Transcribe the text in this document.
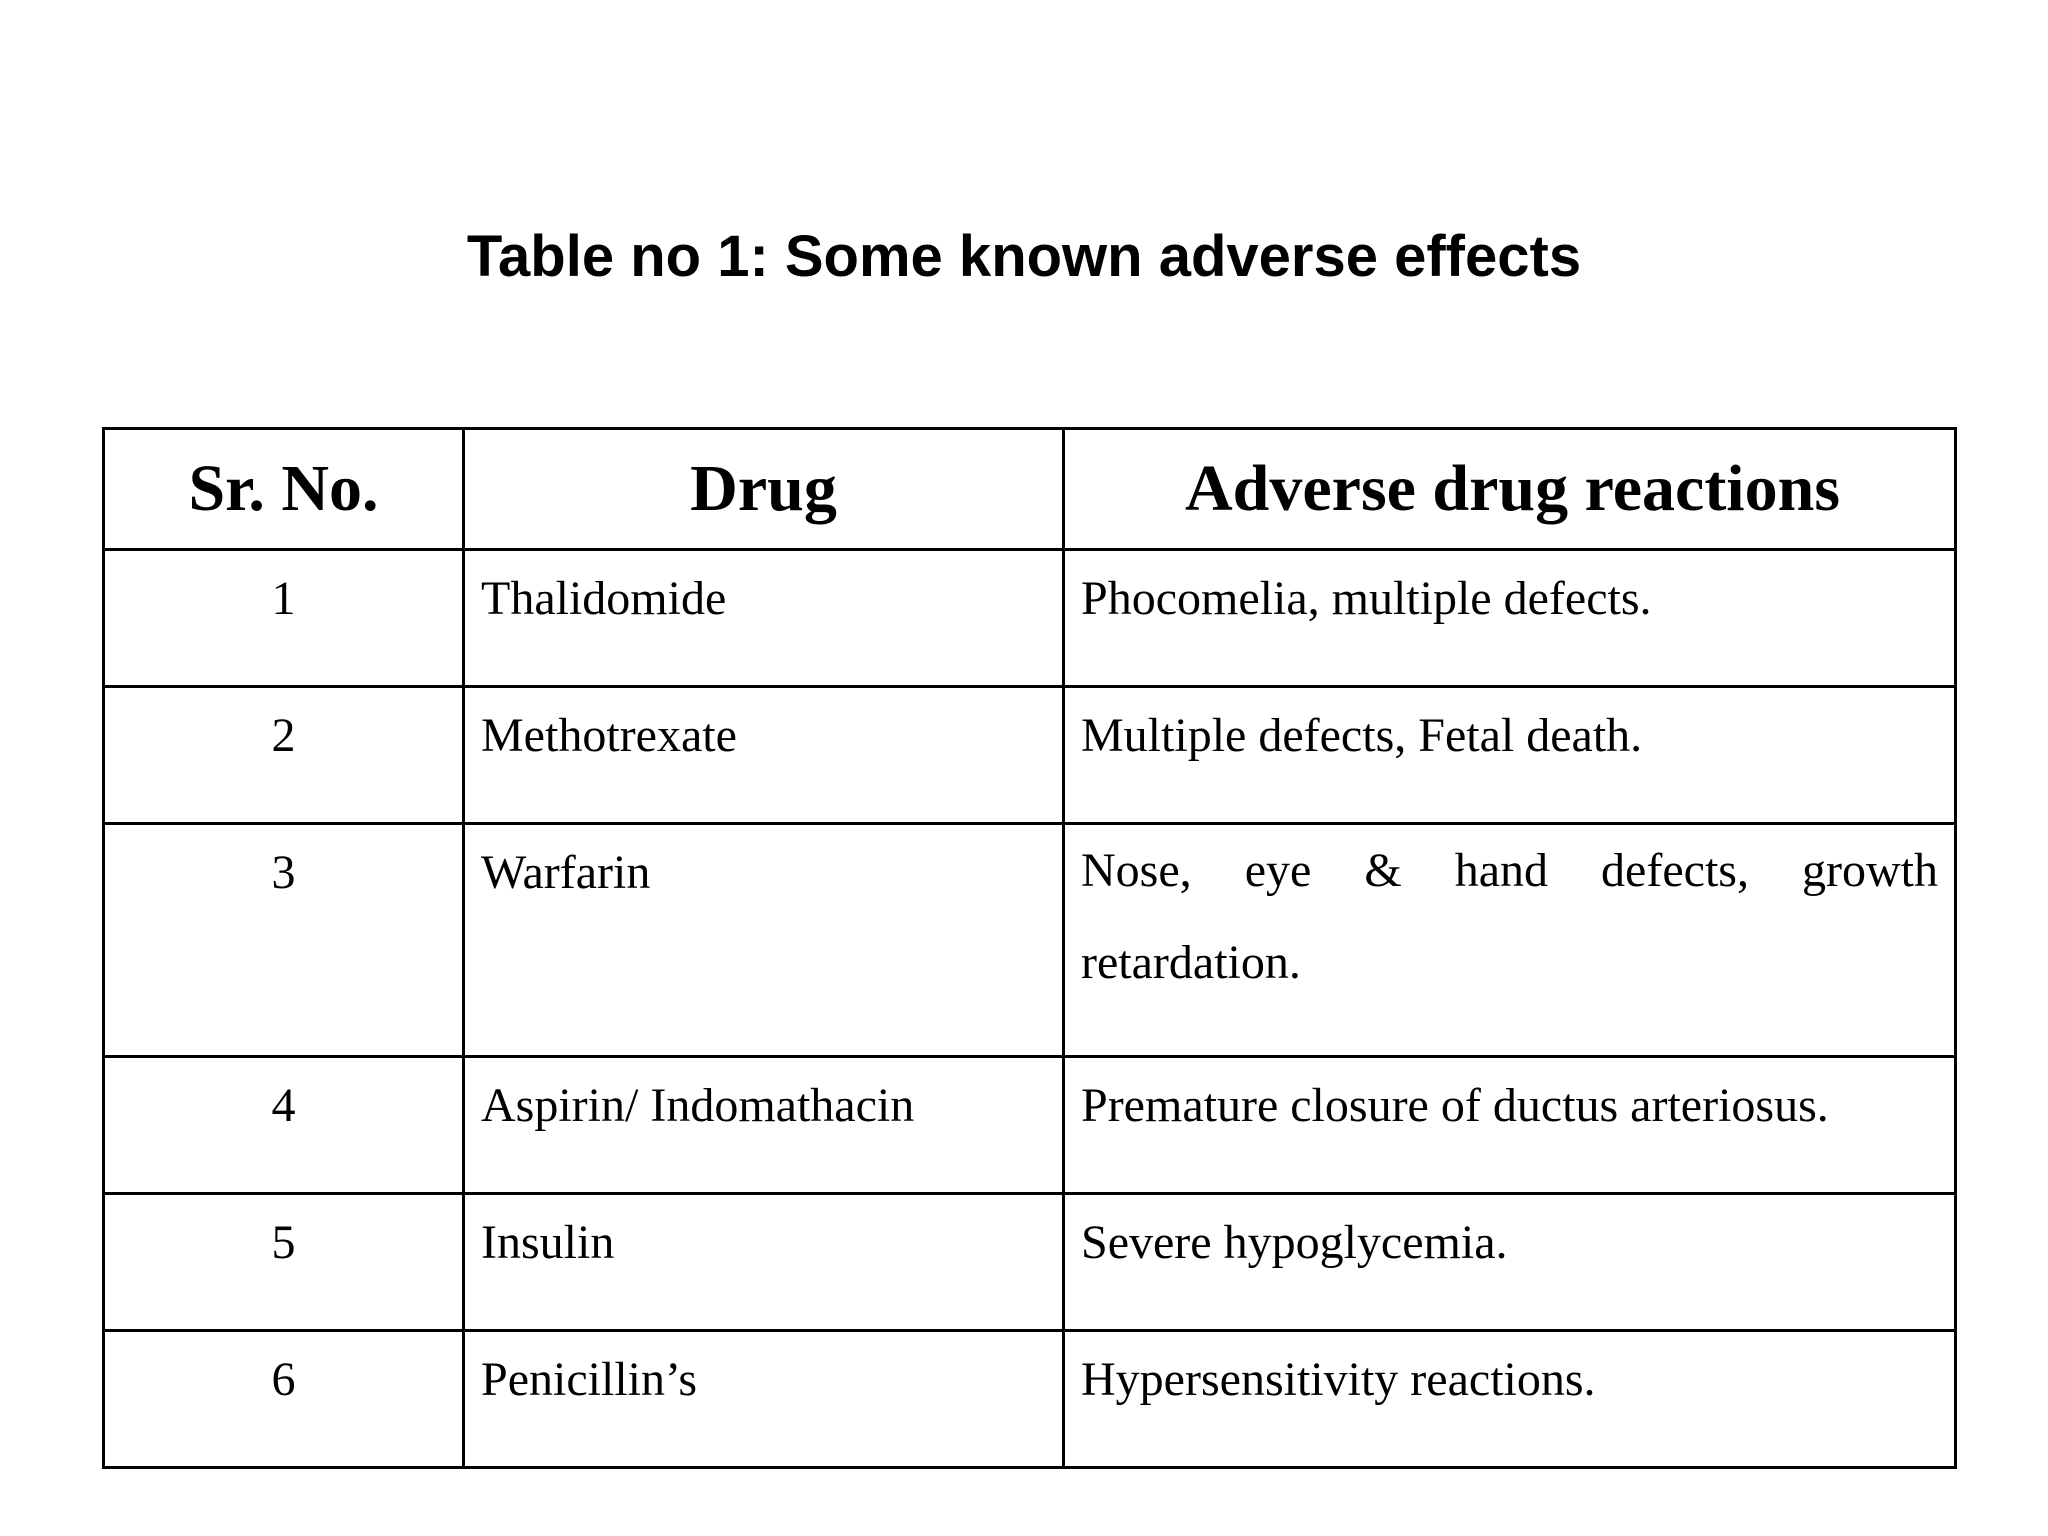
Table no 1: Some known adverse effects
Sr. No.	Drug	Adverse drug reactions
1	Thalidomide	Phocomelia, multiple defects.
2	Methotrexate	Multiple defects, Fetal death.
3	Warfarin	Nose, eye & hand defects, growth retardation.
4	Aspirin/ Indomathacin	Premature closure of ductus arteriosus.
5	Insulin	Severe hypoglycemia.
6	Penicillin’s	Hypersensitivity reactions.
